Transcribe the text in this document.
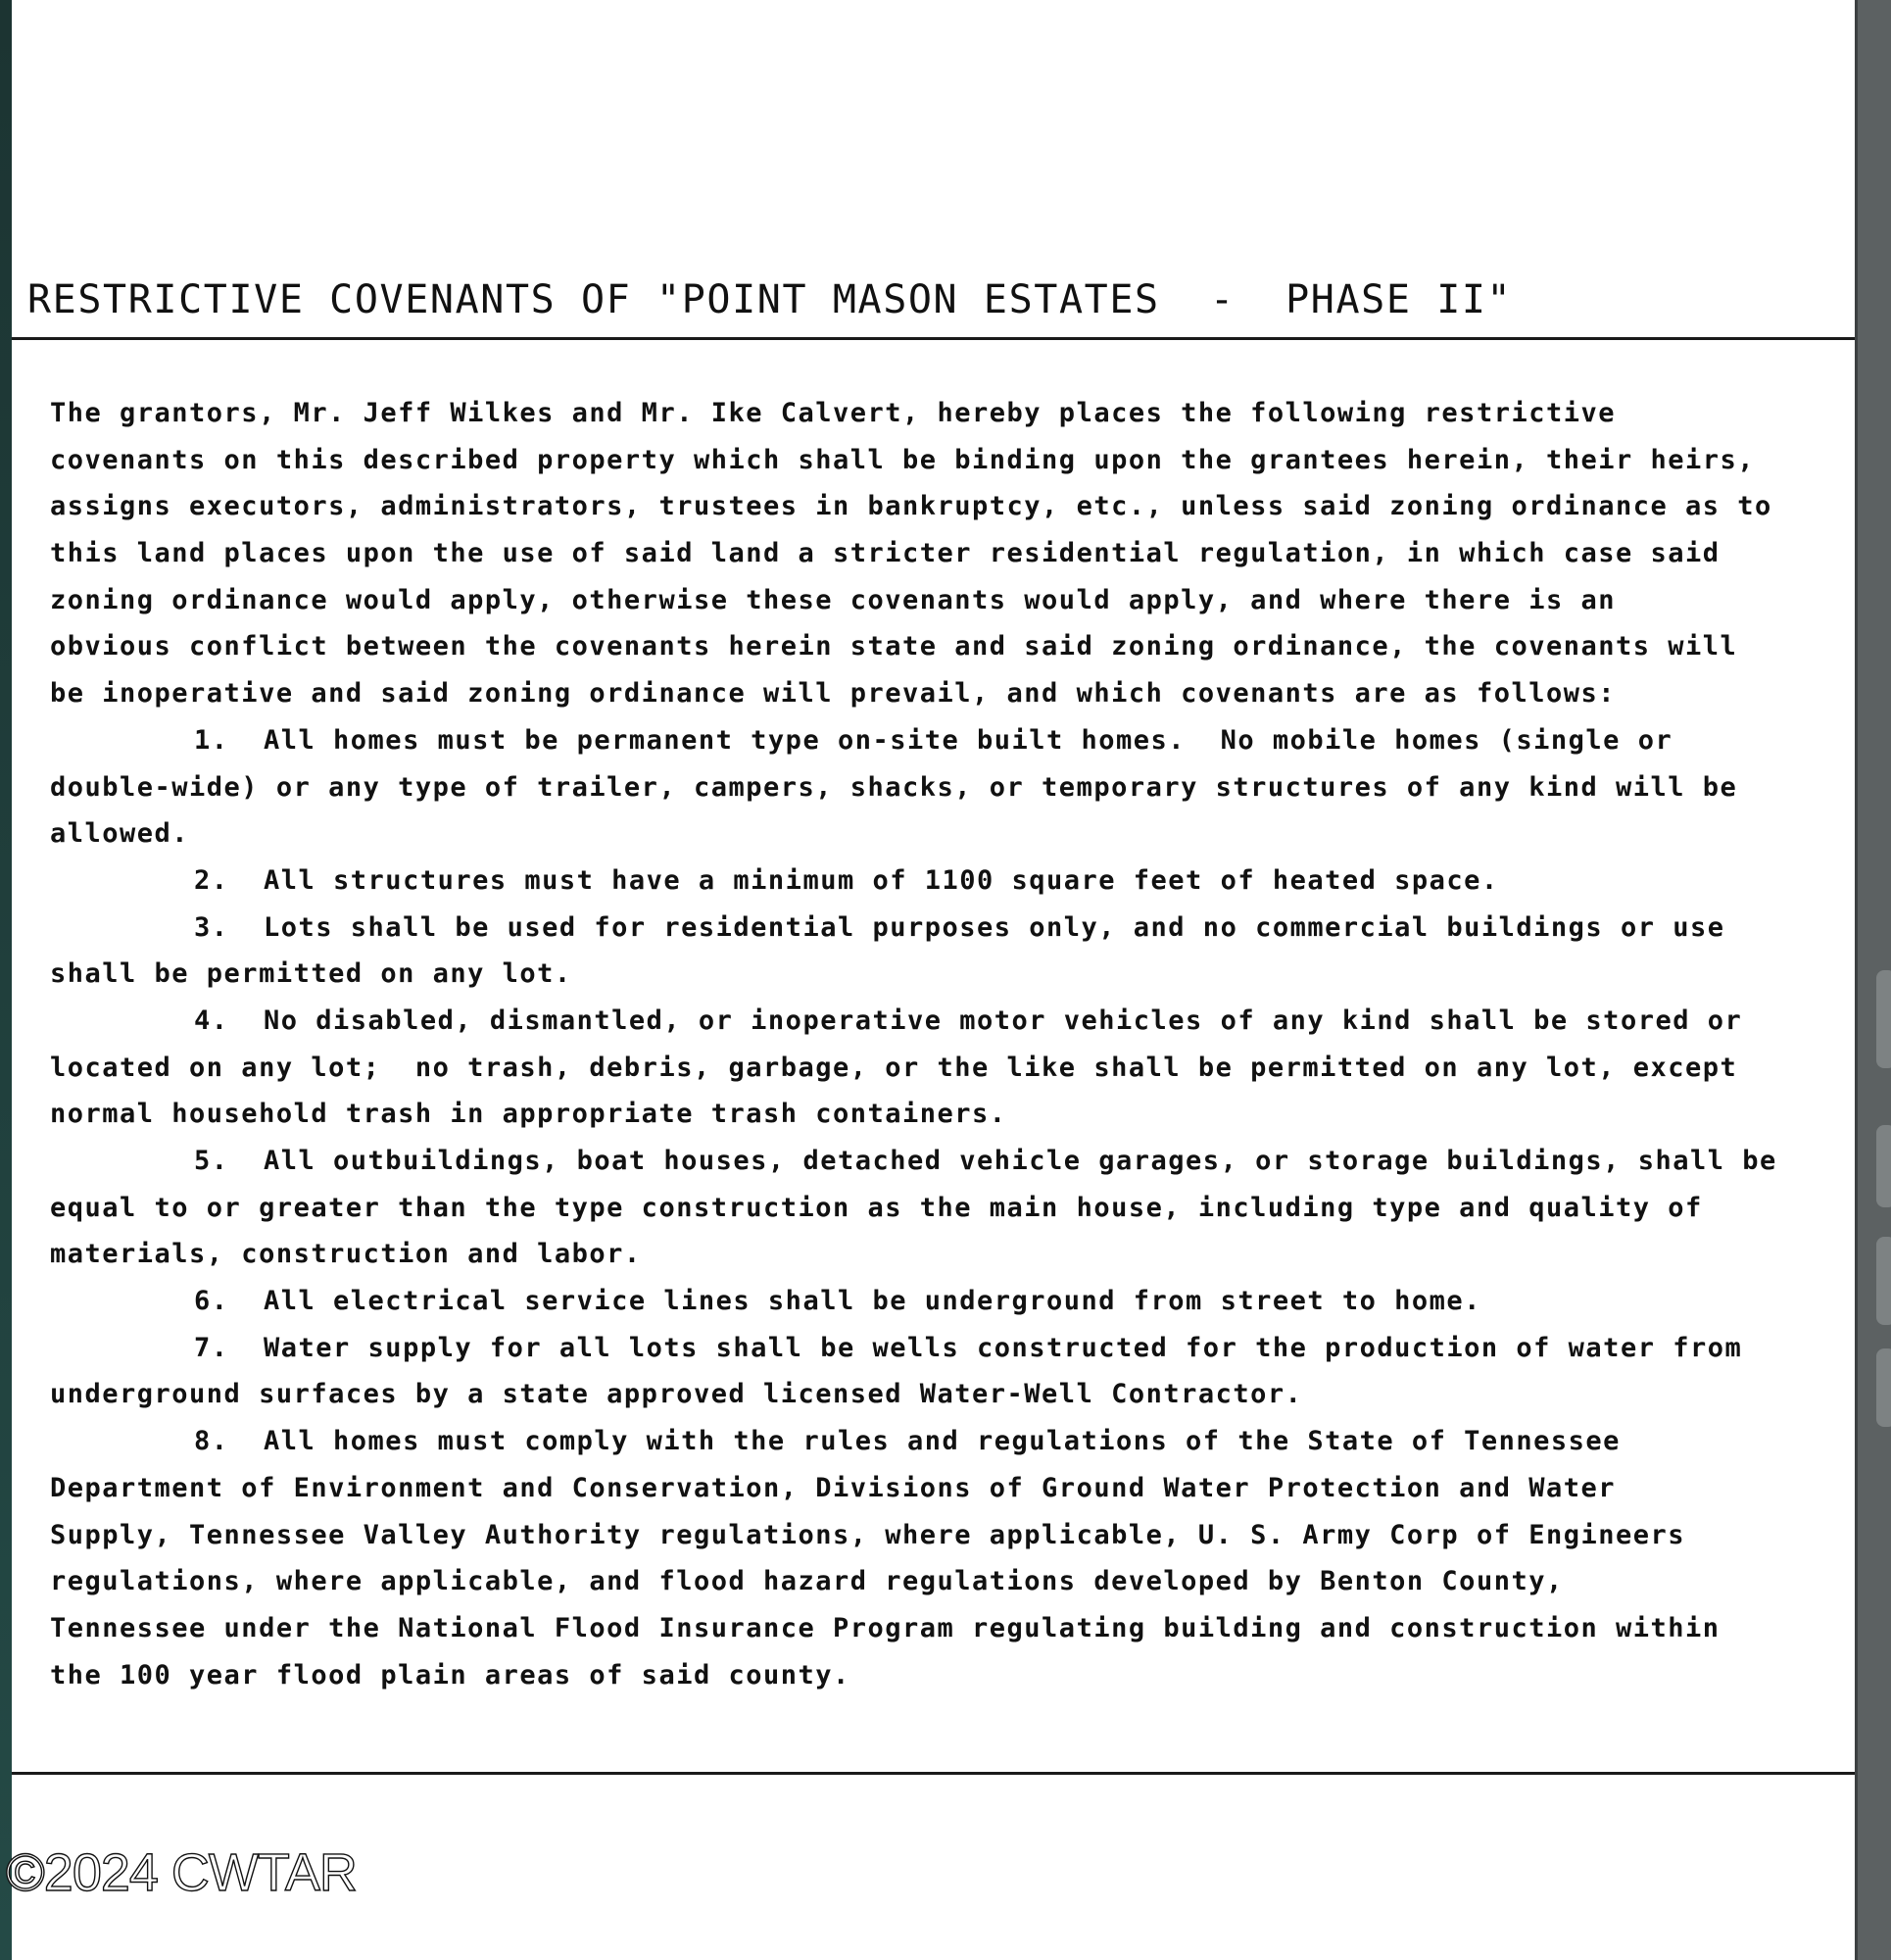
RESTRICTIVE COVENANTS OF "POINT MASON ESTATES  -  PHASE II"
The grantors, Mr. Jeff Wilkes and Mr. Ike Calvert, hereby places the following restrictive
covenants on this described property which shall be binding upon the grantees herein, their heirs,
assigns executors, administrators, trustees in bankruptcy, etc., unless said zoning ordinance as to
this land places upon the use of said land a stricter residential regulation, in which case said
zoning ordinance would apply, otherwise these covenants would apply, and where there is an
obvious conflict between the covenants herein state and said zoning ordinance, the covenants will
be inoperative and said zoning ordinance will prevail, and which covenants are as follows:
1.  All homes must be permanent type on-site built homes.  No mobile homes (single or
double-wide) or any type of trailer, campers, shacks, or temporary structures of any kind will be
allowed.
2.  All structures must have a minimum of 1100 square feet of heated space.
3.  Lots shall be used for residential purposes only, and no commercial buildings or use
shall be permitted on any lot.
4.  No disabled, dismantled, or inoperative motor vehicles of any kind shall be stored or
located on any lot;  no trash, debris, garbage, or the like shall be permitted on any lot, except
normal household trash in appropriate trash containers.
5.  All outbuildings, boat houses, detached vehicle garages, or storage buildings, shall be
equal to or greater than the type construction as the main house, including type and quality of
materials, construction and labor.
6.  All electrical service lines shall be underground from street to home.
7.  Water supply for all lots shall be wells constructed for the production of water from
underground surfaces by a state approved licensed Water-Well Contractor.
8.  All homes must comply with the rules and regulations of the State of Tennessee
Department of Environment and Conservation, Divisions of Ground Water Protection and Water
Supply, Tennessee Valley Authority regulations, where applicable, U. S. Army Corp of Engineers
regulations, where applicable, and flood hazard regulations developed by Benton County,
Tennessee under the National Flood Insurance Program regulating building and construction within
the 100 year flood plain areas of said county.
©2024 CWTAR
